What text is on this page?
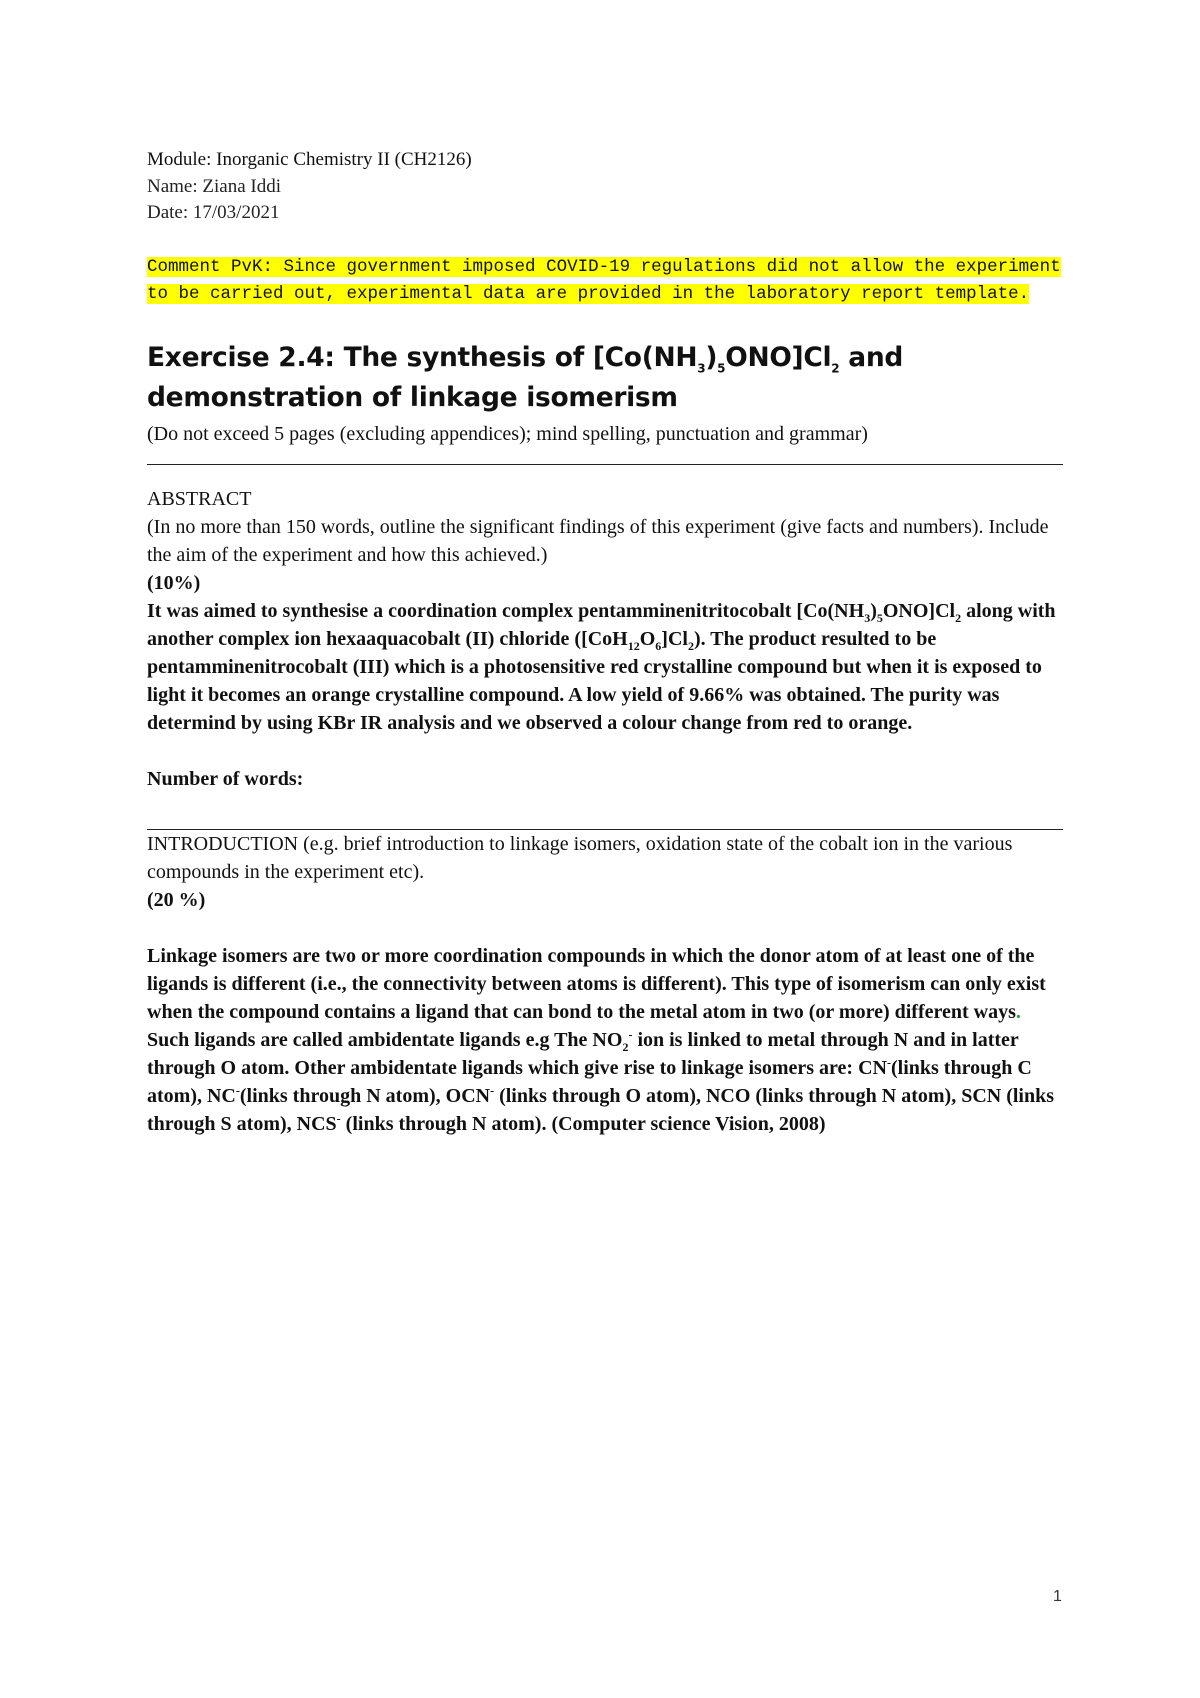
Module: Inorganic Chemistry II (CH2126)
Name: Ziana Iddi
Date: 17/03/2021
Comment PvK: Since government imposed COVID-19 regulations did not allow the experiment to be carried out, experimental data are provided in the laboratory report template.
Exercise 2.4: The synthesis of $[Co(NH_3)_5ONO]Cl_2$ and demonstration of linkage isomerism
(Do not exceed 5 pages (excluding appendices); mind spelling, punctuation and grammar)
ABSTRACT
(In no more than 150 words, outline the significant findings of this experiment (give facts and numbers). Include the aim of the experiment and how this achieved.)
(10%)
It was aimed to synthesise a coordination complex pentamminenitritocobalt $[Co(NH_3)_5ONO]Cl_2$ along with another complex ion hexaaquacobalt (II) chloride $([CoH_{12}O_6]Cl_2)$. The product resulted to be pentamminenitrocobalt (III) which is a photosensitive red crystalline compound but when it is exposed to light it becomes an orange crystalline compound. A low yield of 9.66% was obtained. The purity was determind by using KBr IR analysis and we observed a colour change from red to orange.
Number of words:
INTRODUCTION (e.g. brief introduction to linkage isomers, oxidation state of the cobalt ion in the various compounds in the experiment etc).
(20 %)
Linkage isomers are two or more coordination compounds in which the donor atom of at least one of the ligands is different (i.e., the connectivity between atoms is different). This type of isomerism can only exist when the compound contains a ligand that can bond to the metal atom in two (or more) different ways.
Such ligands are called ambidentate ligands e.g The $NO_2^-$ ion is linked to metal through N and in latter through O atom. Other ambidentate ligands which give rise to linkage isomers are: CN-(links through C atom), NC-(links through N atom), OCN- (links through O atom), NCO (links through N atom), SCN (links through S atom), NCS- (links through N atom). (Computer science Vision, 2008)
1
